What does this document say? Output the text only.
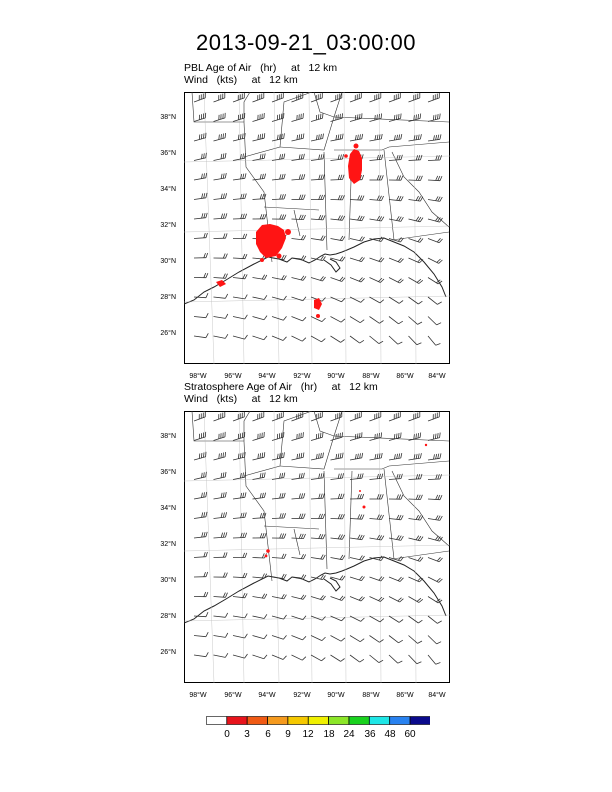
2013-09-21_03:00:00
PBL Age of Air   (hr)     at   12 km
Wind   (kts)     at   12 km
Stratosphere Age of Air   (hr)     at   12 km
Wind   (kts)     at   12 km
38°N
36°N
34°N
32°N
30°N
28°N
26°N
98°W	96°W	94°W	92°W	90°W	88°W	86°W	84°W
38°N
36°N
34°N
32°N
30°N
28°N
26°N
98°W	96°W	94°W	92°W	90°W	88°W	86°W	84°W
0	3	6	9	12 18 24 36 48 60
